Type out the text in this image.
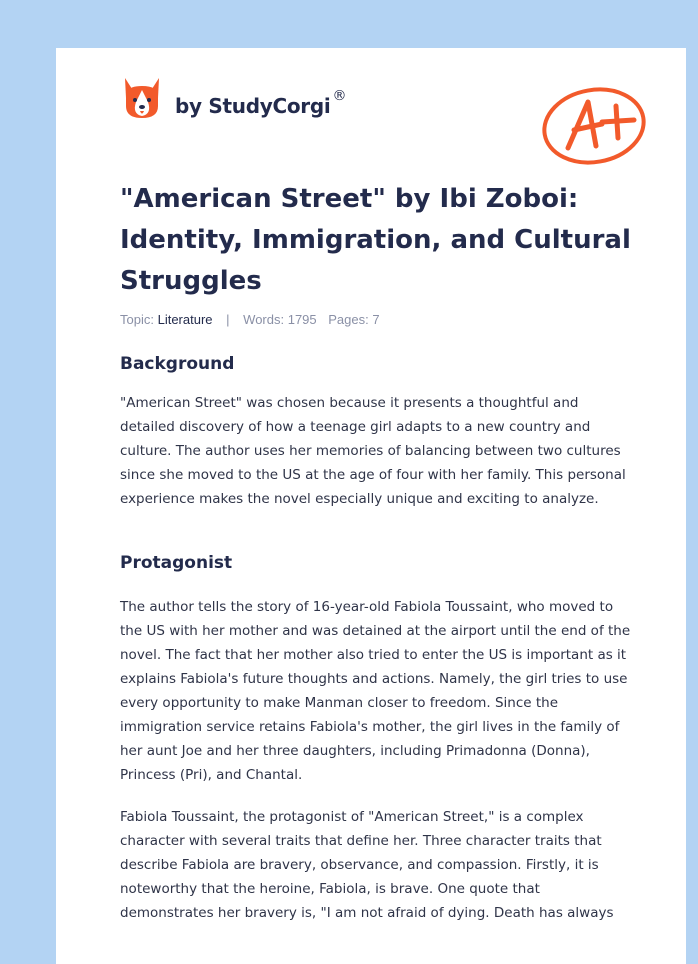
by StudyCorgi ®
"American Street" by Ibi Zoboi: Identity, Immigration, and Cultural Struggles
Topic: Literature | Words: 1795 Pages: 7
Background

"American Street" was chosen because it presents a thoughtful and detailed discovery of how a teenage girl adapts to a new country and culture. The author uses her memories of balancing between two cultures since she moved to the US at the age of four with her family. This personal experience makes the novel especially unique and exciting to analyze.

Protagonist

The author tells the story of 16-year-old Fabiola Toussaint, who moved to the US with her mother and was detained at the airport until the end of the novel. The fact that her mother also tried to enter the US is important as it explains Fabiola's future thoughts and actions. Namely, the girl tries to use every opportunity to make Manman closer to freedom. Since the immigration service retains Fabiola's mother, the girl lives in the family of her aunt Joe and her three daughters, including Primadonna (Donna), Princess (Pri), and Chantal.

Fabiola Toussaint, the protagonist of "American Street," is a complex character with several traits that define her. Three character traits that describe Fabiola are bravery, observance, and compassion. Firstly, it is noteworthy that the heroine, Fabiola, is brave. One quote that demonstrates her bravery is, "I am not afraid of dying. Death has always
